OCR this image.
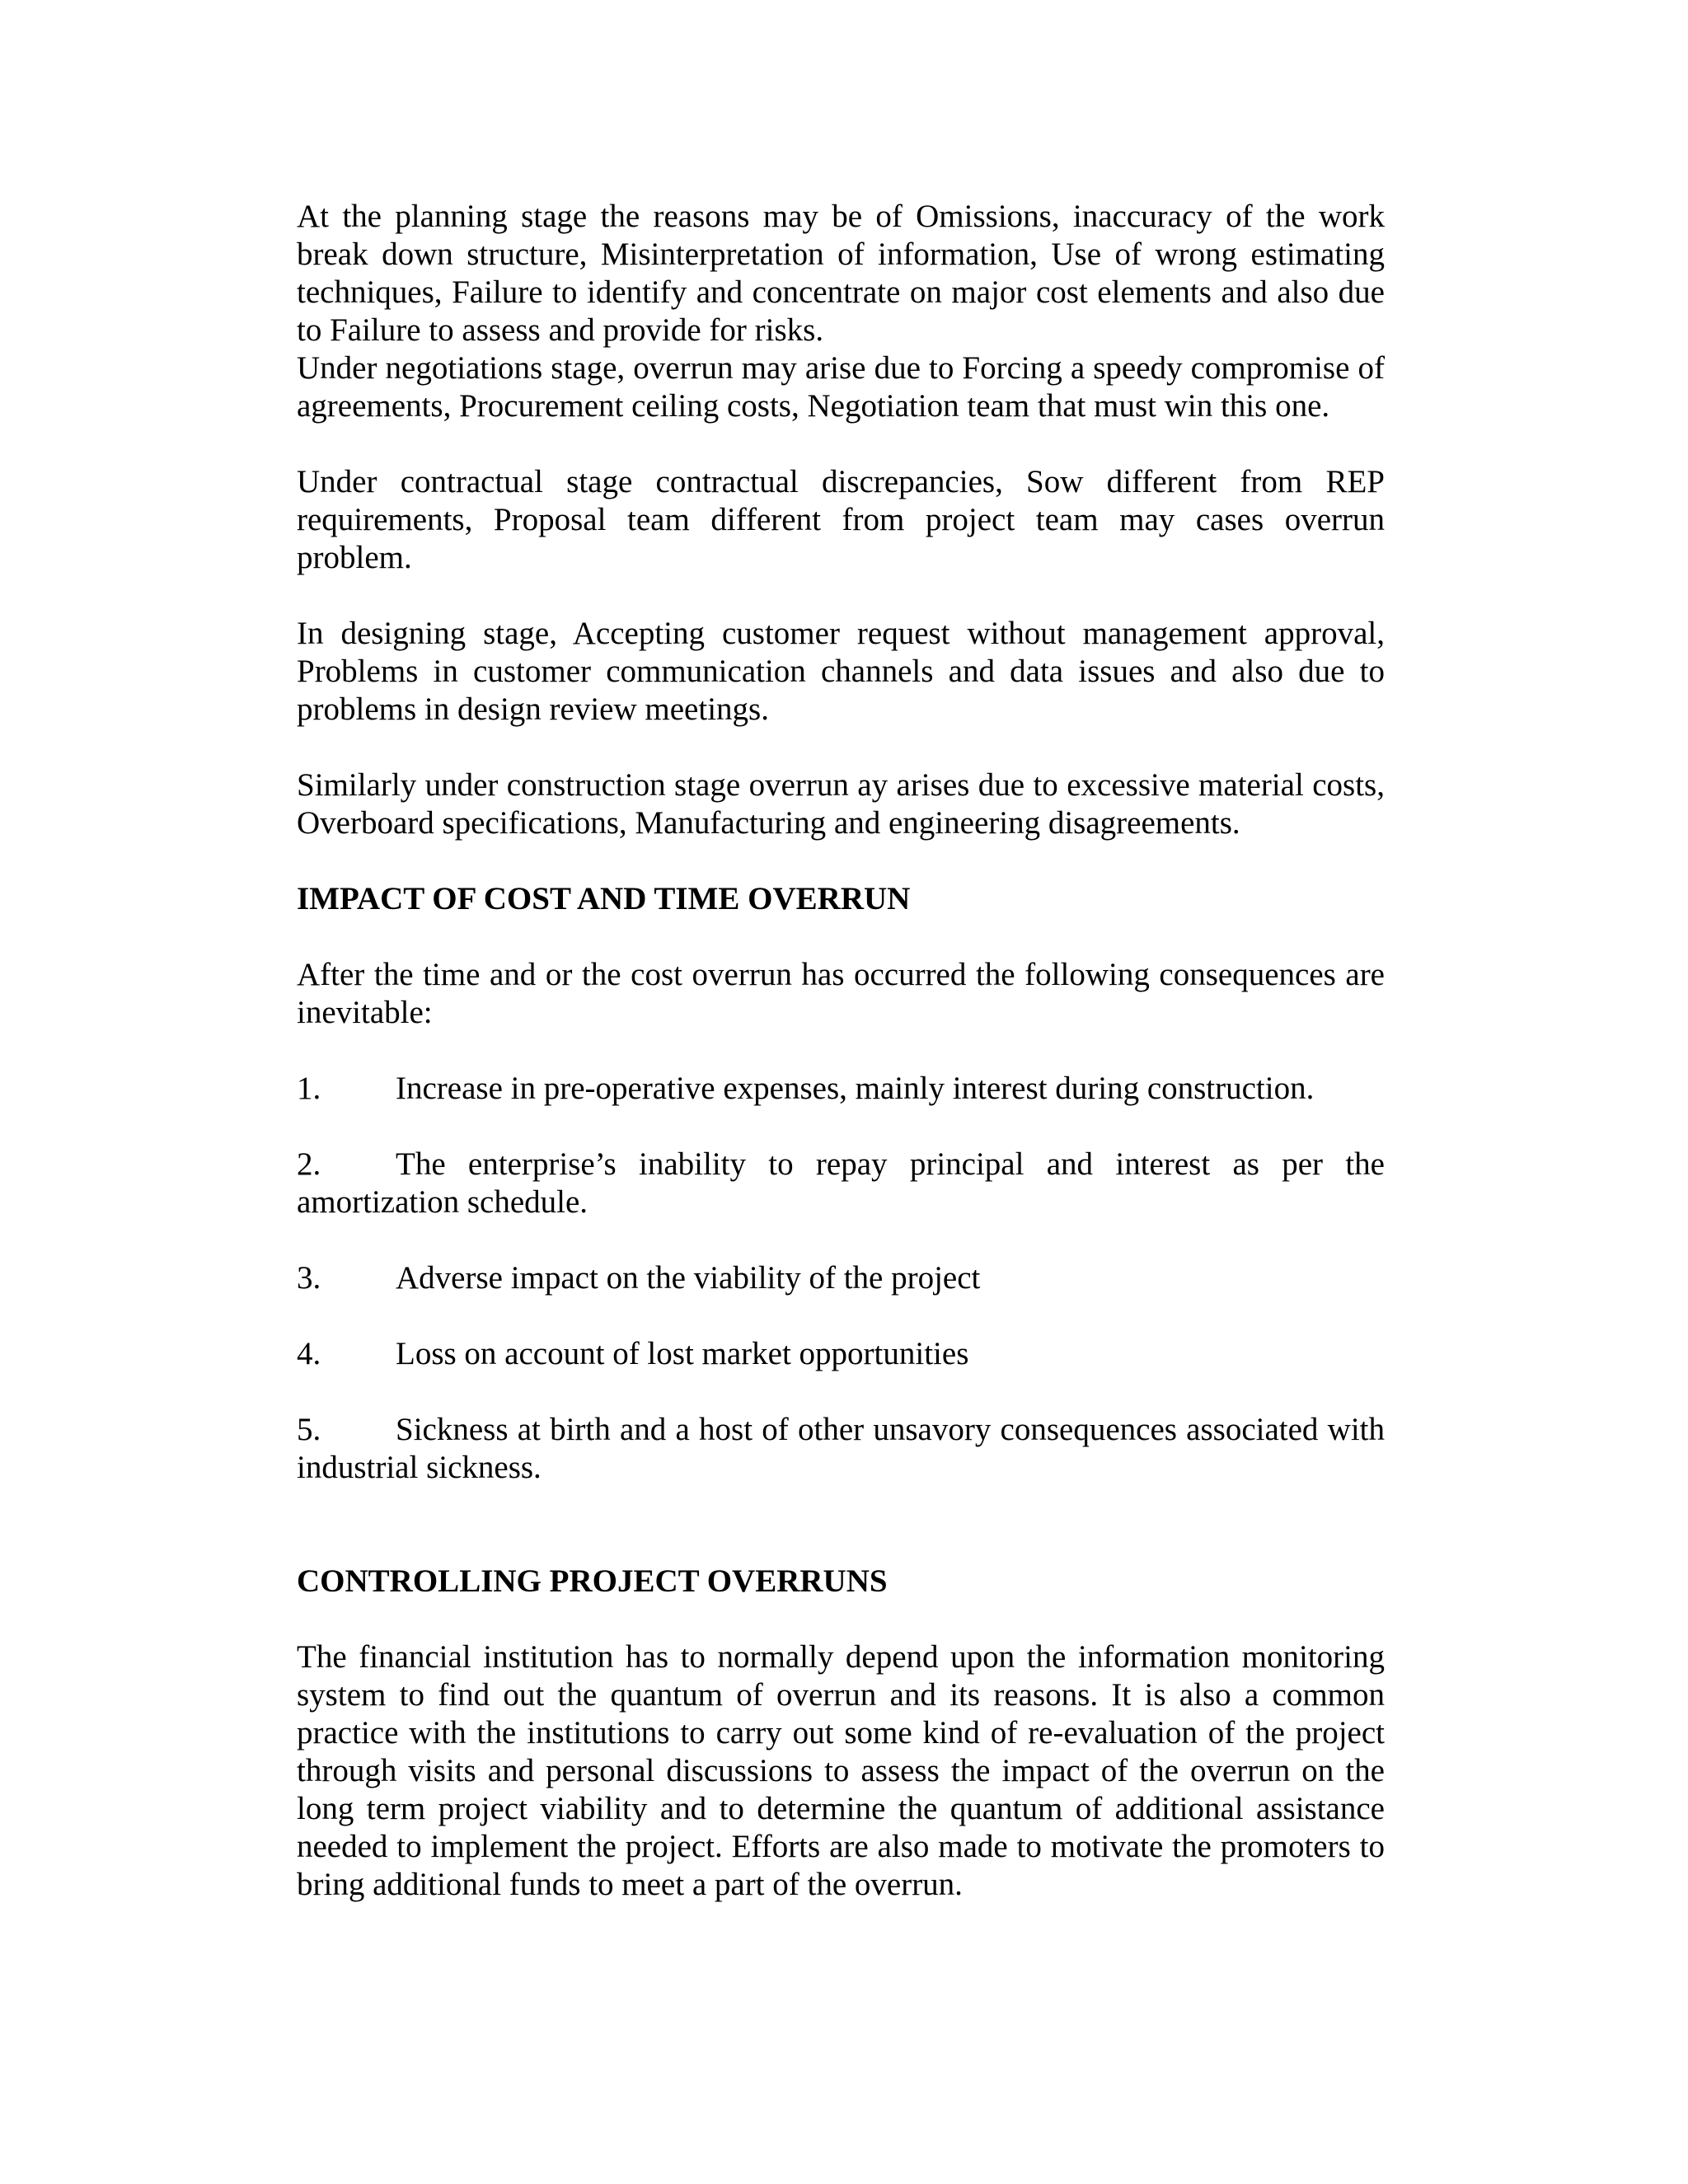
At the planning stage the reasons may be of Omissions, inaccuracy of the work break down structure, Misinterpretation of information, Use of wrong estimating techniques, Failure to identify and concentrate on major cost elements and also due to Failure to assess and provide for risks.

Under negotiations stage, overrun may arise due to Forcing a speedy compromise of agreements, Procurement ceiling costs, Negotiation team that must win this one.

Under contractual stage contractual discrepancies, Sow different from REP requirements, Proposal team different from project team may cases overrun problem.

In designing stage, Accepting customer request without management approval, Problems in customer communication channels and data issues and also due to problems in design review meetings.

Similarly under construction stage overrun ay arises due to excessive material costs, Overboard specifications, Manufacturing and engineering disagreements.

IMPACT OF COST AND TIME OVERRUN

After the time and or the cost overrun has occurred the following consequences are inevitable:

1. Increase in pre-operative expenses, mainly interest during construction.
2. The enterprise’s inability to repay principal and interest as per the amortization schedule.
3. Adverse impact on the viability of the project
4. Loss on account of lost market opportunities
5. Sickness at birth and a host of other unsavory consequences associated with industrial sickness.
CONTROLLING PROJECT OVERRUNS

The financial institution has to normally depend upon the information monitoring system to find out the quantum of overrun and its reasons. It is also a common practice with the institutions to carry out some kind of re-evaluation of the project through visits and personal discussions to assess the impact of the overrun on the long term project viability and to determine the quantum of additional assistance needed to implement the project. Efforts are also made to motivate the promoters to bring additional funds to meet a part of the overrun.
